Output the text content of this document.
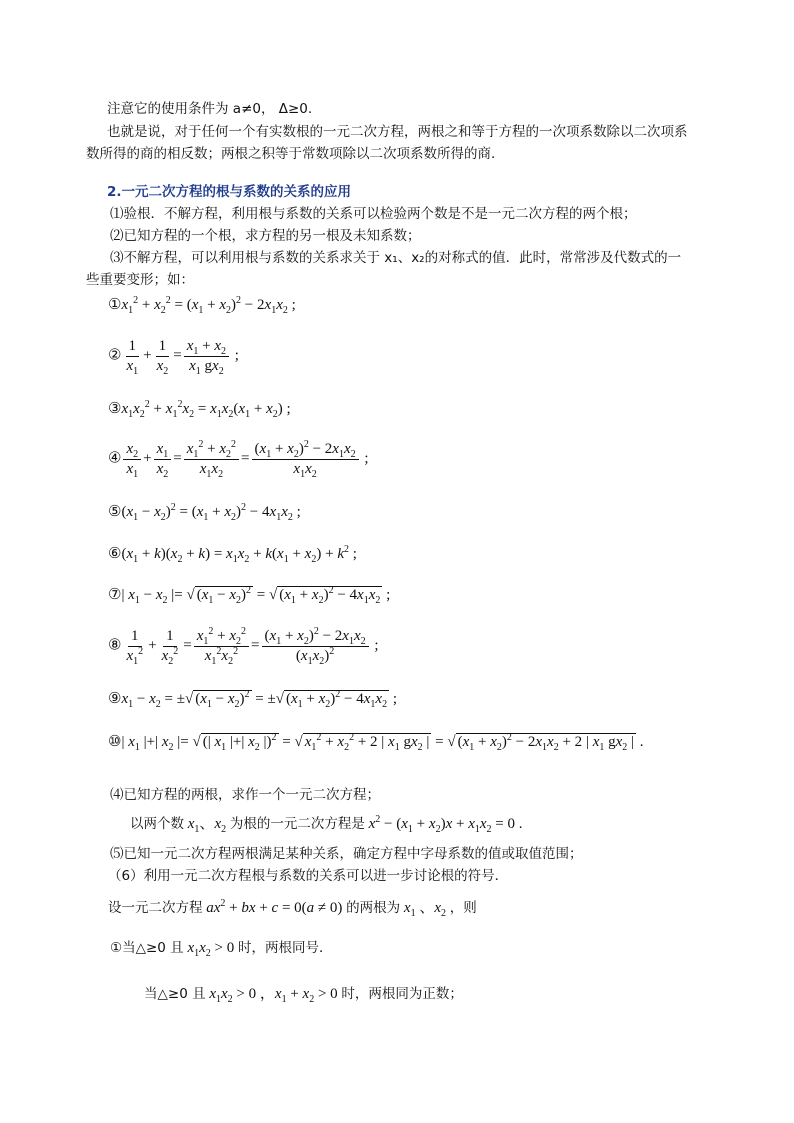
注意它的使用条件为 a≠0， Δ≥0.
也就是说，对于任何一个有实数根的一元二次方程，两根之和等于方程的一次项系数除以二次项系
数所得的商的相反数；两根之积等于常数项除以二次项系数所得的商.
2.一元二次方程的根与系数的关系的应用
⑴验根．不解方程，利用根与系数的关系可以检验两个数是不是一元二次方程的两个根；
⑵已知方程的一个根，求方程的另一根及未知系数；
⑶不解方程，可以利用根与系数的关系求关于 x₁、x₂的对称式的值．此时，常常涉及代数式的一
些重要变形；如：
$①x_1^2 + x_2^2 = (x_1 + x_2)^2 - 2x_1x_2$ ;
② $\frac{1}{x_1} + \frac{1}{x_2} = \frac{x_1 + x_2}{x_1 gx_2}$ ;
$③x_1x_2^2 + x_1^2x_2 = x_1x_2(x_1 + x_2)$ ;
④ $\frac{x_2}{x_1} + \frac{x_1}{x_2} = \frac{x_1^2 + x_2^2}{x_1x_2} = \frac{(x_1 + x_2)^2 - 2x_1x_2}{x_1x_2}$ ;
$⑤(x_1 - x_2)^2 = (x_1 + x_2)^2 - 4x_1x_2$ ;
$⑥(x_1 + k)(x_2 + k) = x_1x_2 + k(x_1 + x_2) + k^2$ ;
⑦| $x_1 - x_2$ |= √ $(x_1 - x_2)^2$ = √ $(x_1 + x_2)^2 - 4x_1x_2$ ;
⑧ $\frac{1}{x_1^2} + \frac{1}{x_2^2} = \frac{x_1^2 + x_2^2}{x_1^2x_2^2} = \frac{(x_1 + x_2)^2 - 2x_1x_2}{(x_1x_2)^2}$ ;
$⑨x_1 - x_2$ = ±√ $(x_1 - x_2)^2$ = ±√ $(x_1 + x_2)^2 - 4x_1x_2$ ;
⑩| $x_1$ |+| $x_2$ |= √ (| $x_1$ |+| $x_2$ |)$^2$ = √ $x_1^2 + x_2^2 + 2$ | $x_1$ $gx_2$ | = √ $(x_1 + x_2)^2 - 2x_1x_2 + 2$ | $x_1$ $gx_2$ | .
⑷已知方程的两根，求作一个一元二次方程；
以两个数 $x_1$、$x_2$ 为根的一元二次方程是 $x^2 - (x_1 + x_2)x + x_1x_2 = 0$ .
⑸已知一元二次方程两根满足某种关系，确定方程中字母系数的值或取值范围；
（6）利用一元二次方程根与系数的关系可以进一步讨论根的符号．
设一元二次方程 $ax^2$ + bx + c = 0(a ≠ 0) 的两根为 $x_1$ 、$x_2$ ，则
①当△≥0 且 $x_1x_2 > 0$ 时，两根同号．
当△≥0 且 $x_1x_2 > 0$ ，$x_1 + x_2 > 0$ 时，两根同为正数；
